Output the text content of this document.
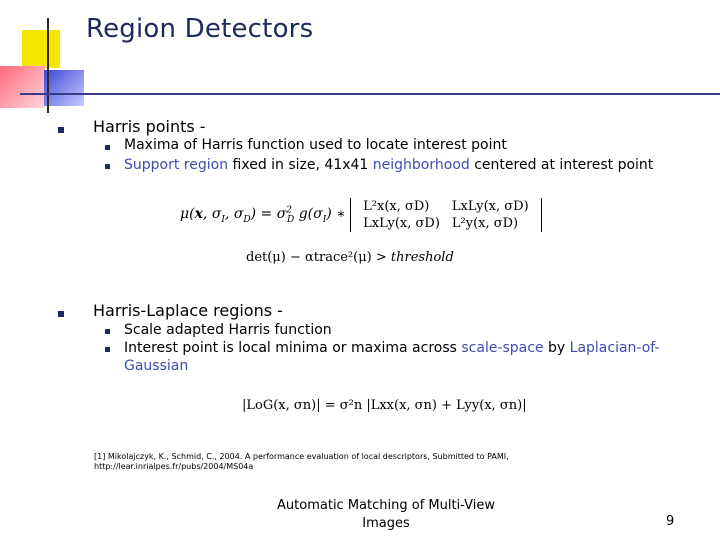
Region Detectors
Harris points -
Maxima of Harris function used to locate interest point
Support region fixed in size, 41x41 neighborhood centered at interest point
μ(x, $\sigma_I$, $\sigma_D) = \sigma^2_D$ $g(\sigma_I)$ ∗ L²x(x, σD)	LxLy(x, σD)
LxLy(x, σD)	L²y(x, σD)
det(μ) − αtrace²(μ) > threshold
Harris-Laplace regions -
Scale adapted Harris function
Interest point is local minima or maxima across scale-space by Laplacian-of-
Gaussian
|LoG(x, σn)| = σ²n |Lxx(x, σn) + Lyy(x, σn)|
[1] Mikolajczyk, K., Schmid, C., 2004. A performance evaluation of local descriptors, Submitted to PAMI,
http://lear.inrialpes.fr/pubs/2004/MS04a
Automatic Matching of Multi-View
Images	9
